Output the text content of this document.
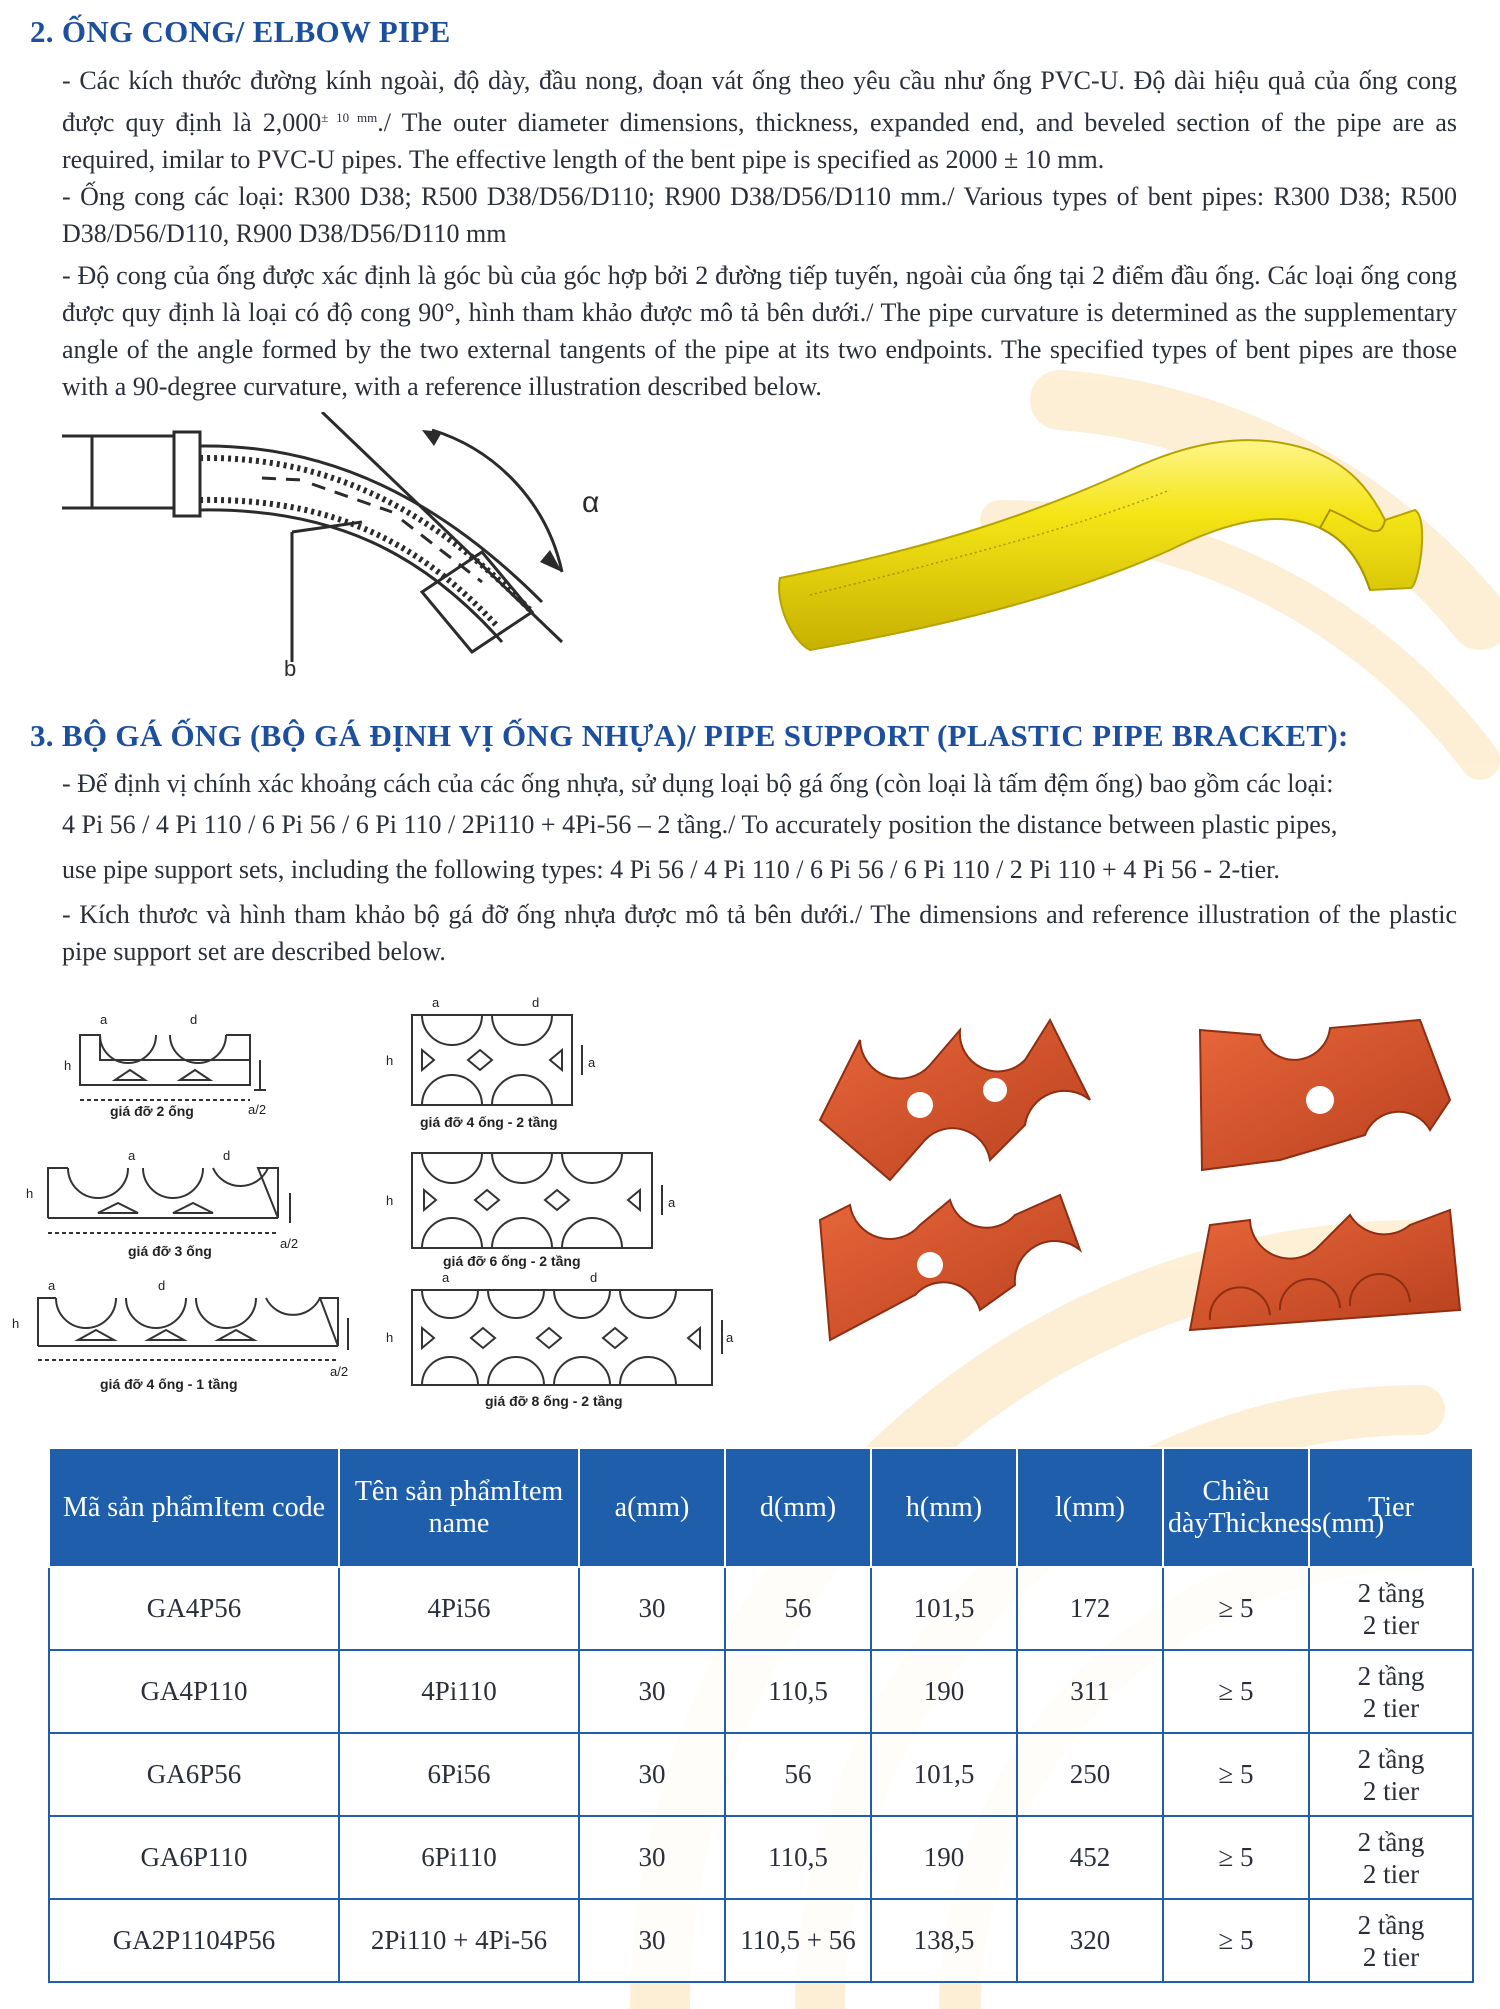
2. ỐNG CONG/ ELBOW PIPE
- Các kích thước đường kính ngoài, độ dày, đầu nong, đoạn vát ống theo yêu cầu như ống PVC-U. Độ dài hiệu quả của ống cong được quy định là $2,000^{\pm 10 mm}./$ The outer diameter dimensions, thickness, expanded end, and beveled section of the pipe are as required, imilar to PVC-U pipes. The effective length of the bent pipe is specified as 2000 ± 10 mm.
- Ống cong các loại: R300 D38; R500 D38/D56/D110; R900 D38/D56/D110 mm./ Various types of bent pipes: R300 D38; R500 D38/D56/D110, R900 D38/D56/D110 mm
- Độ cong của ống được xác định là góc bù của góc hợp bởi 2 đường tiếp tuyến, ngoài của ống tại 2 điểm đầu ống. Các loại ống cong được quy định là loại có độ cong 90°, hình tham khảo được mô tả bên dưới./ The pipe curvature is determined as the supplementary angle of the angle formed by the two external tangents of the pipe at its two endpoints. The specified types of bent pipes are those with a 90-degree curvature, with a reference illustration described below.
α
b
3. BỘ GÁ ỐNG (BỘ GÁ ĐỊNH VỊ ỐNG NHỰA)/ PIPE SUPPORT (PLASTIC PIPE BRACKET):
- Để định vị chính xác khoảng cách của các ống nhựa, sử dụng loại bộ gá ống (còn loại là tấm đệm ống) bao gồm các loại:
4 Pi 56 / 4 Pi 110 / 6 Pi 56 / 6 Pi 110 / 2Pi110 + 4Pi-56 – 2 tầng./ To accurately position the distance between plastic pipes,
use pipe support sets, including the following types: 4 Pi 56 / 4 Pi 110 / 6 Pi 56 / 6 Pi 110 / 2 Pi 110 + 4 Pi 56 - 2-tier.
- Kích thươc và hình tham khảo bộ gá đỡ ống nhựa được mô tả bên dưới./ The dimensions and reference illustration of the plastic pipe support set are described below.
a	d
h
a/2
giá đỡ 2 ống
a	d
h
a/2
giá đỡ 3 ống
a	d
h
a/2
giá đỡ 4 ống - 1 tầng
a	d
h	a
giá đỡ 4 ống - 2 tầng
h	a
giá đỡ 6 ống - 2 tầng
a	d
h	a
giá đỡ 8 ống - 2 tầng
Mã sản phẩmItem code	Tên sản phẩmItem name	a(mm)	d(mm)	h(mm)	l(mm)	Chiều dàyThickness(mm)	Tier
GA4P56	4Pi56	30	56	101,5	172	≥ 5	2 tầng
2 tier

GA4P110	4Pi110	30	110,5	190	311	≥ 5	2 tầng
2 tier

GA6P56	6Pi56	30	56	101,5	250	≥ 5	2 tầng
2 tier

GA6P110	6Pi110	30	110,5	190	452	≥ 5	2 tầng
2 tier

GA2P1104P56	2Pi110 + 4Pi-56	30	110,5 + 56	138,5	320	≥ 5	2 tầng
2 tier
